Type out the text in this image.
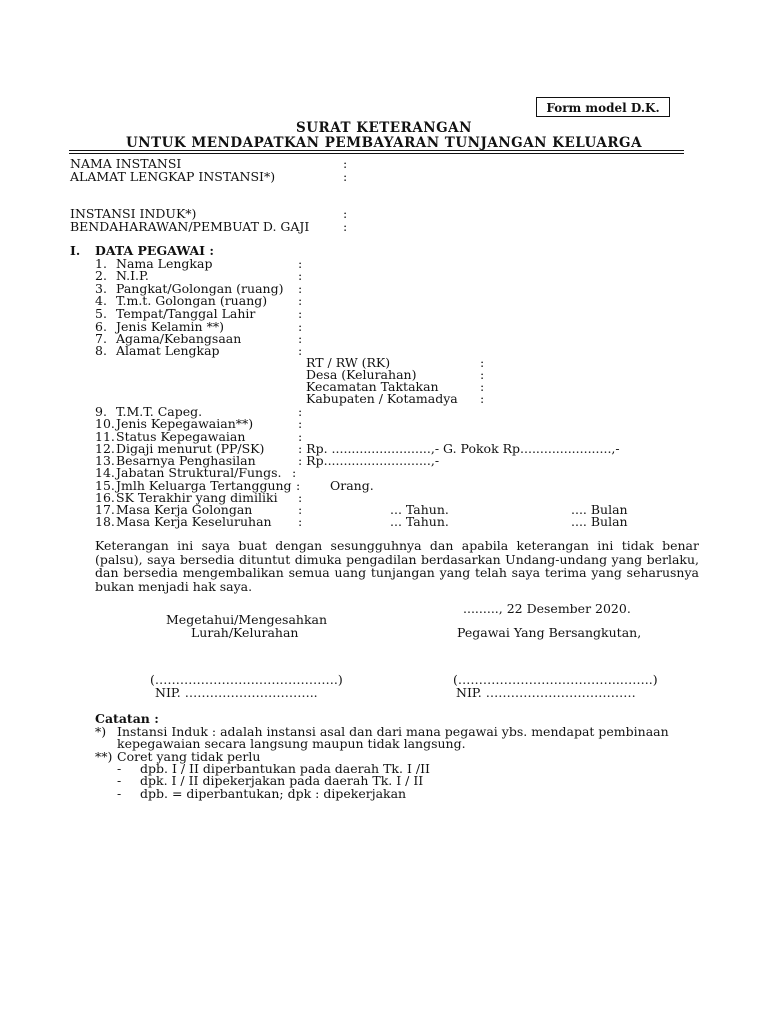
Form model D.K.
SURAT KETERANGAN
UNTUK MENDAPATKAN PEMBAYARAN TUNJANGAN KELUARGA
NAMA INSTANSI	:
ALAMAT LENGKAP INSTANSI*)	:
INSTANSI INDUK*)	:
BENDAHARAWAN/PEMBUAT D. GAJI	:
I. DATA PEGAWAI :
1. Nama Lengkap	:
2. N.I.P.	:
3. Pangkat/Golongan (ruang) :
4. T.m.t. Golongan (ruang) :
5. Tempat/Tanggal Lahir	:
6. Jenis Kelamin **)	:
7. Agama/Kebangsaan	:
8. Alamat Lengkap	:
RT / RW (RK)	:
Desa (Kelurahan)	:
Kecamatan Taktakan	:
Kabupaten / Kotamadya :
9. T.M.T. Capeg.	:
10. Jenis Kepegawaian**)	:
11. Status Kepegawaian	:
12. Digaji menurut (PP/SK)	: Rp. .........................,- G. Pokok Rp.......................,-
13. Besarnya Penghasilan	: Rp...........................,-
14. Jabatan Struktural/Fungs. :
15. Jmlh Keluarga Tertanggung : Orang.
16. SK Terakhir yang dimiliki :
17. Masa Kerja Golongan	:	... Tahun.	.... Bulan
18. Masa Kerja Keseluruhan :	... Tahun.	.... Bulan
Keterangan ini saya buat dengan sesungguhnya dan apabila keterangan ini tidak benar (palsu), saya bersedia dituntut dimuka pengadilan berdasarkan Undang-undang yang berlaku, dan bersedia mengembalikan semua uang tunjangan yang telah saya terima yang seharusnya bukan menjadi hak saya.
........., 22 Desember 2020.
Megetahui/Mengesahkan
Lurah/Kelurahan	Pegawai Yang Bersangkutan,
(…………………….……………….)	(…………………….…………..……..)
NIP. …………………………..	NIP. ………………………………
Catatan :
*) Instansi Induk : adalah instansi asal dan dari mana pegawai ybs. mendapat pembinaan
kepegawaian secara langsung maupun tidak langsung.
**) Coret yang tidak perlu
- dpb. I / II diperbantukan pada daerah Tk. I /II
- dpk. I / II dipekerjakan pada daerah Tk. I / II
- dpb. = diperbantukan; dpk : dipekerjakan
